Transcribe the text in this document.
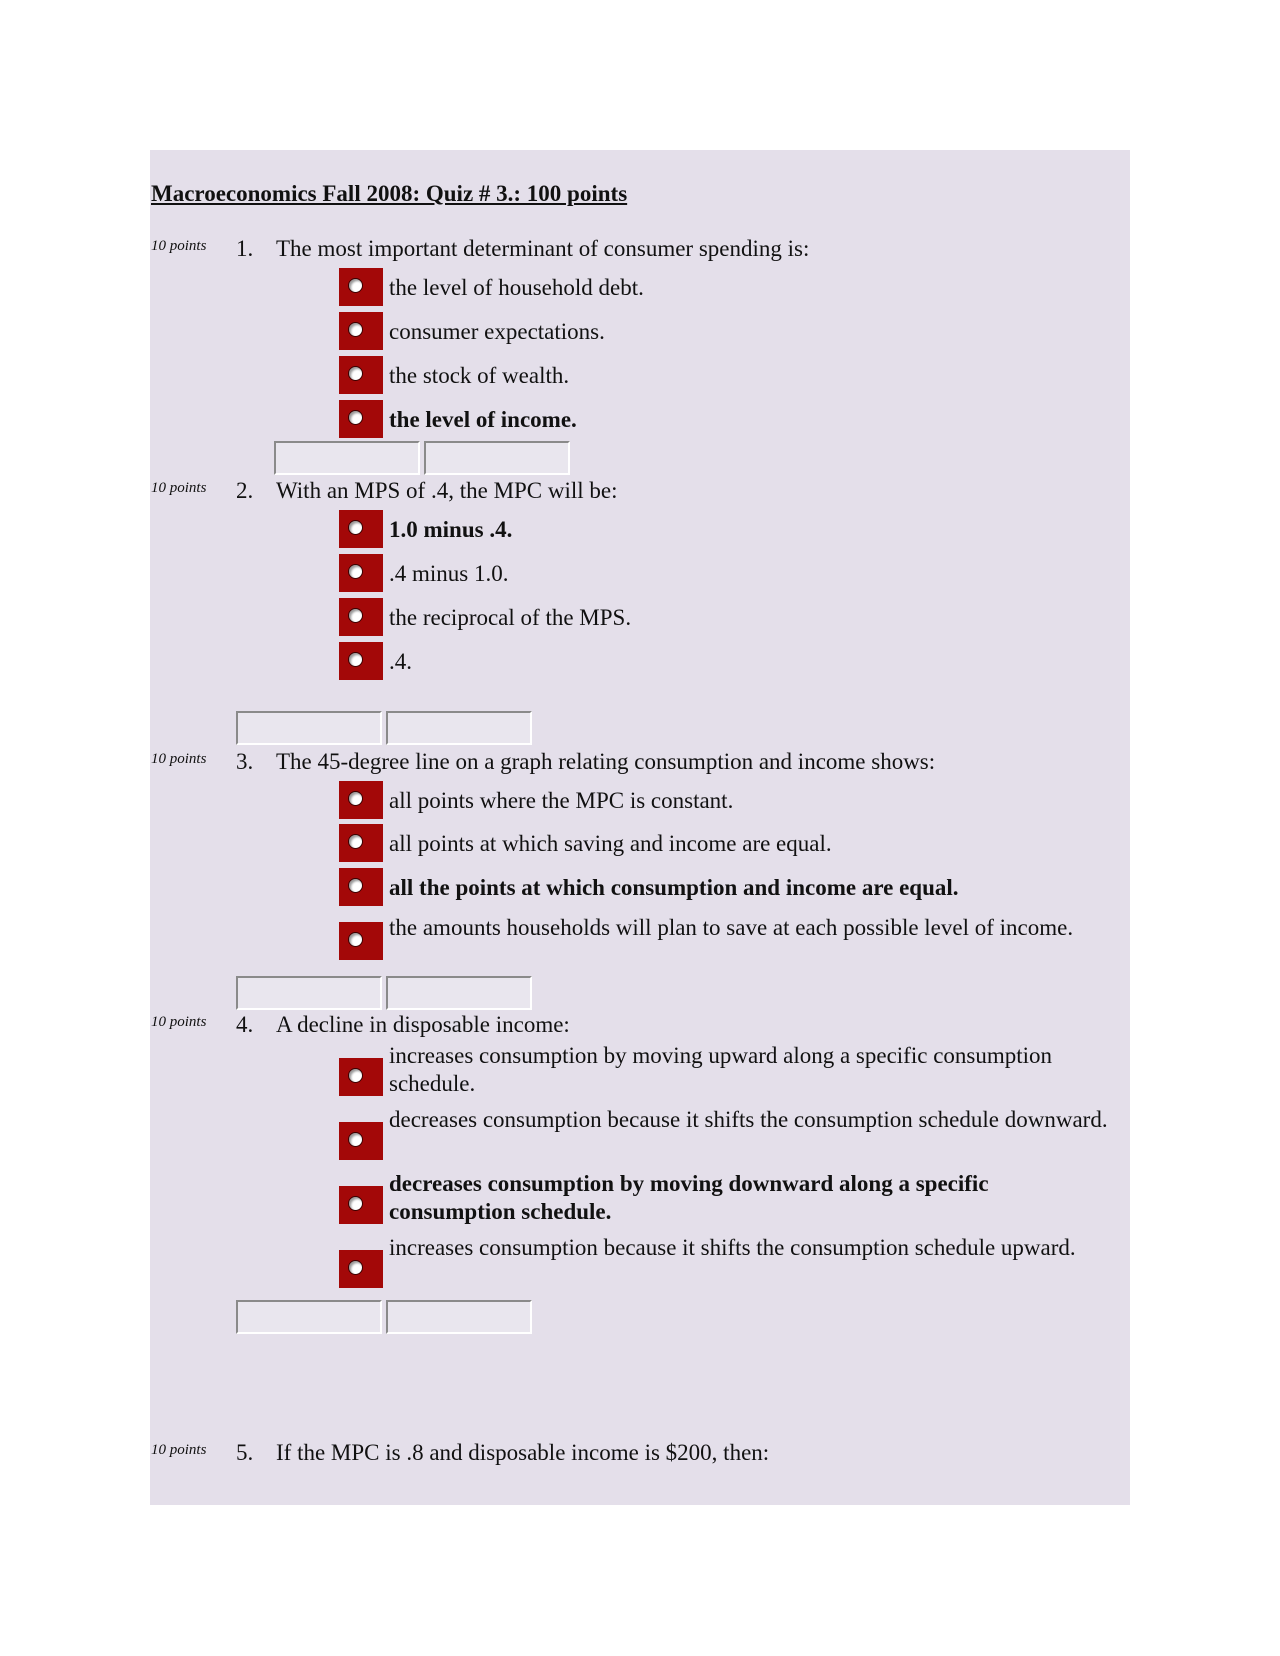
Macroeconomics Fall 2008: Quiz # 3.: 100 points
10 points 1. The most important determinant of consumer spending is:
the level of household debt.
consumer expectations.
the stock of wealth.
the level of income.
10 points 2. With an MPS of .4, the MPC will be:
1.0 minus .4.
.4 minus 1.0.
the reciprocal of the MPS.
.4.
10 points 3. The 45-degree line on a graph relating consumption and income shows:
all points where the MPC is constant.
all points at which saving and income are equal.
all the points at which consumption and income are equal.
the amounts households will plan to save at each possible level of income.
10 points 4. A decline in disposable income:
increases consumption by moving upward along a specific consumption schedule.
decreases consumption because it shifts the consumption schedule downward.
decreases consumption by moving downward along a specific consumption schedule.
increases consumption because it shifts the consumption schedule upward.
10 points 5. If the MPC is .8 and disposable income is $200, then:
